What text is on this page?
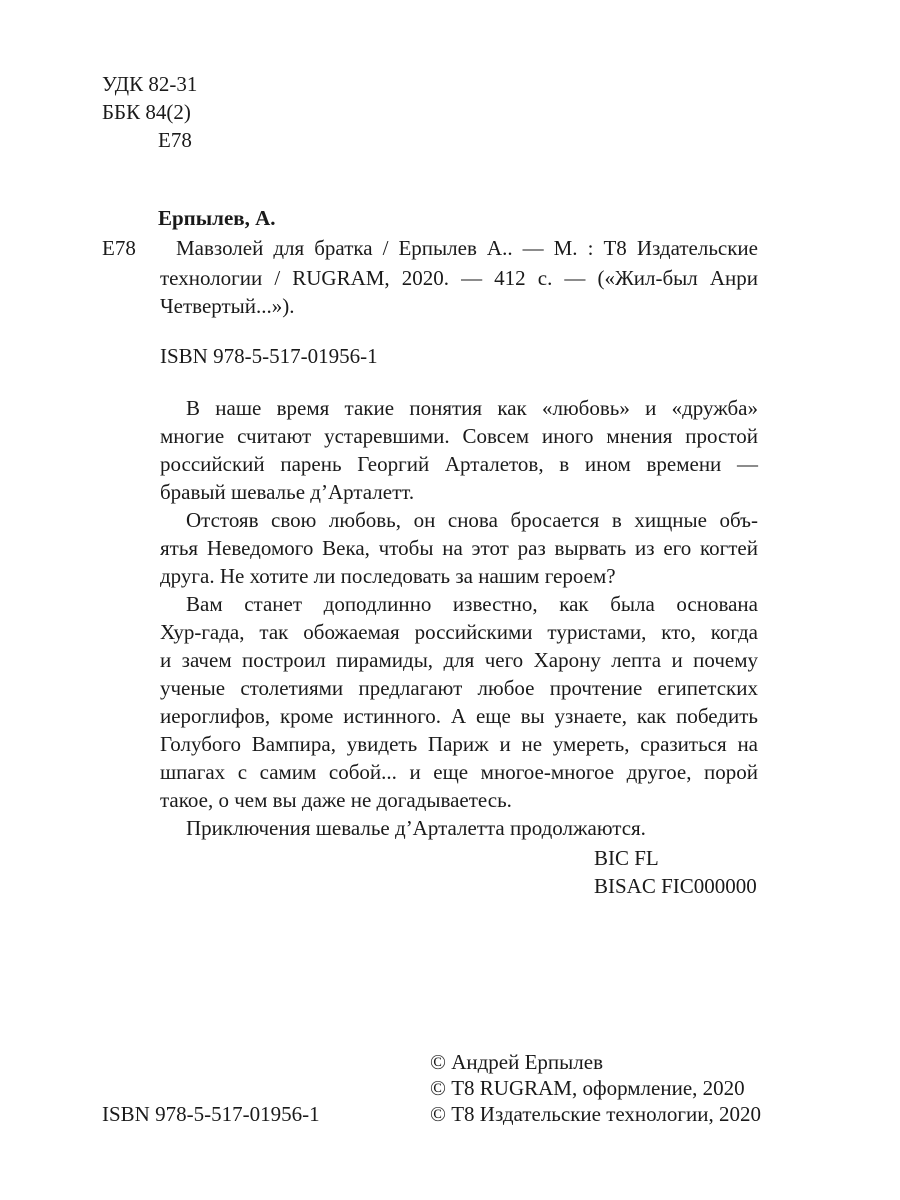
УДК 82-31
ББК 84(2)
Е78
Ерпылев, А.
Е78 Мавзолей для братка / Ерпылев А.. — М. : Т8 Издательские
технологии / RUGRAM, 2020. — 412 с. — («Жил-был Анри
Четвертый...»).
ISBN 978-5-517-01956-1
В наше время такие понятия как «любовь» и «дружба»
многие считают устаревшими. Совсем иного мнения простой
российский парень Георгий Арталетов, в ином времени —
бравый шевалье д’Арталетт.
Отстояв свою любовь, он снова бросается в хищные объ-
ятья Неведомого Века, чтобы на этот раз вырвать из его когтей
друга. Не хотите ли последовать за нашим героем?
Вам станет доподлинно известно, как была основана
Хур-гада, так обожаемая российскими туристами, кто, когда
и зачем построил пирамиды, для чего Харону лепта и почему
ученые столетиями предлагают любое прочтение египетских
иероглифов, кроме истинного. А еще вы узнаете, как победить
Голубого Вампира, увидеть Париж и не умереть, сразиться на
шпагах с самим собой... и еще многое-многое другое, порой
такое, о чем вы даже не догадываетесь.
Приключения шевалье д’Арталетта продолжаются.
BIC FL
BISAC FIC000000
ISBN 978-5-517-01956-1
© Андрей Ерпылев
© Т8 RUGRAM, оформление, 2020
© Т8 Издательские технологии, 2020
